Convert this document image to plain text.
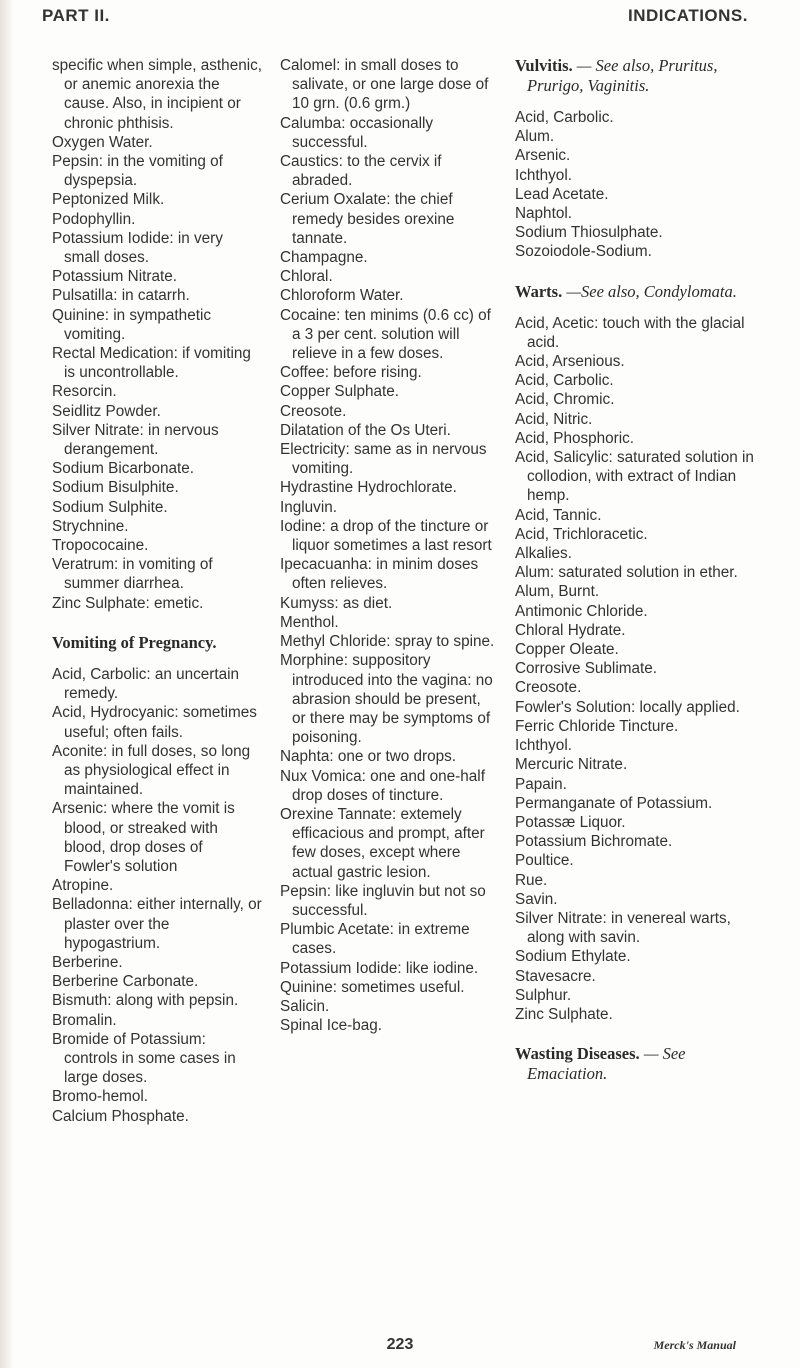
PART II.	INDICATIONS.

specific when simple, asthenic, or anemic anorexia the cause. Also, in incipient or chronic phthisis.

Oxygen Water.

Pepsin: in the vomiting of dyspepsia.

Peptonized Milk.

Podophyllin.

Potassium Iodide: in very small doses.

Potassium Nitrate.

Pulsatilla: in catarrh.

Quinine: in sympathetic vomiting.

Rectal Medication: if vomiting is uncontrollable.

Resorcin.

Seidlitz Powder.

Silver Nitrate: in nervous derangement.

Sodium Bicarbonate.

Sodium Bisulphite.

Sodium Sulphite.

Strychnine.

Tropococaine.

Veratrum: in vomiting of summer diarrhea.

Zinc Sulphate: emetic.

Vomiting of Pregnancy.

Acid, Carbolic: an uncertain remedy.

Acid, Hydrocyanic: sometimes useful; often fails.

Aconite: in full doses, so long as physiological effect in maintained.

Arsenic: where the vomit is blood, or streaked with blood, drop doses of Fowler's solution

Atropine.

Belladonna: either internally, or plaster over the hypogastrium.

Berberine.

Berberine Carbonate.

Bismuth: along with pepsin.

Bromalin.

Bromide of Potassium: controls in some cases in large doses.

Bromo-hemol.

Calcium Phosphate.

Calomel: in small doses to salivate, or one large dose of 10 grn. (0.6 grm.)

Calumba: occasionally successful.

Caustics: to the cervix if abraded.

Cerium Oxalate: the chief remedy besides orexine tannate.

Champagne.

Chloral.

Chloroform Water.

Cocaine: ten minims (0.6 cc) of a 3 per cent. solution will relieve in a few doses.

Coffee: before rising.

Copper Sulphate.

Creosote.

Dilatation of the Os Uteri.

Electricity: same as in nervous vomiting.

Hydrastine Hydrochlorate.

Ingluvin.

Iodine: a drop of the tincture or liquor sometimes a last resort

Ipecacuanha: in minim doses often relieves.

Kumyss: as diet.

Menthol.

Methyl Chloride: spray to spine.

Morphine: suppository introduced into the vagina: no abrasion should be present, or there may be symptoms of poisoning.

Naphta: one or two drops.

Nux Vomica: one and one-half drop doses of tincture.

Orexine Tannate: extemely efficacious and prompt, after few doses, except where actual gastric lesion.

Pepsin: like ingluvin but not so successful.

Plumbic Acetate: in extreme cases.

Potassium Iodide: like iodine.

Quinine: sometimes useful.

Salicin.

Spinal Ice-bag.

Vulvitis. — See also, Pruritus, Prurigo, Vaginitis.

Acid, Carbolic.

Alum.

Arsenic.

Ichthyol.

Lead Acetate.

Naphtol.

Sodium Thiosulphate.

Sozoiodole-Sodium.

Warts. —See also, Condylomata.

Acid, Acetic: touch with the glacial acid.

Acid, Arsenious.

Acid, Carbolic.

Acid, Chromic.

Acid, Nitric.

Acid, Phosphoric.

Acid, Salicylic: saturated solution in collodion, with extract of Indian hemp.

Acid, Tannic.

Acid, Trichloracetic.

Alkalies.

Alum: saturated solution in ether.

Alum, Burnt.

Antimonic Chloride.

Chloral Hydrate.

Copper Oleate.

Corrosive Sublimate.

Creosote.

Fowler's Solution: locally applied.

Ferric Chloride Tincture.

Ichthyol.

Mercuric Nitrate.

Papain.

Permanganate of Potassium.

Potassæ Liquor.

Potassium Bichromate.

Poultice.

Rue.

Savin.

Silver Nitrate: in venereal warts, along with savin.

Sodium Ethylate.

Stavesacre.

Sulphur.

Zinc Sulphate.

Wasting Diseases. — See Emaciation.
223	Merck's Manual
